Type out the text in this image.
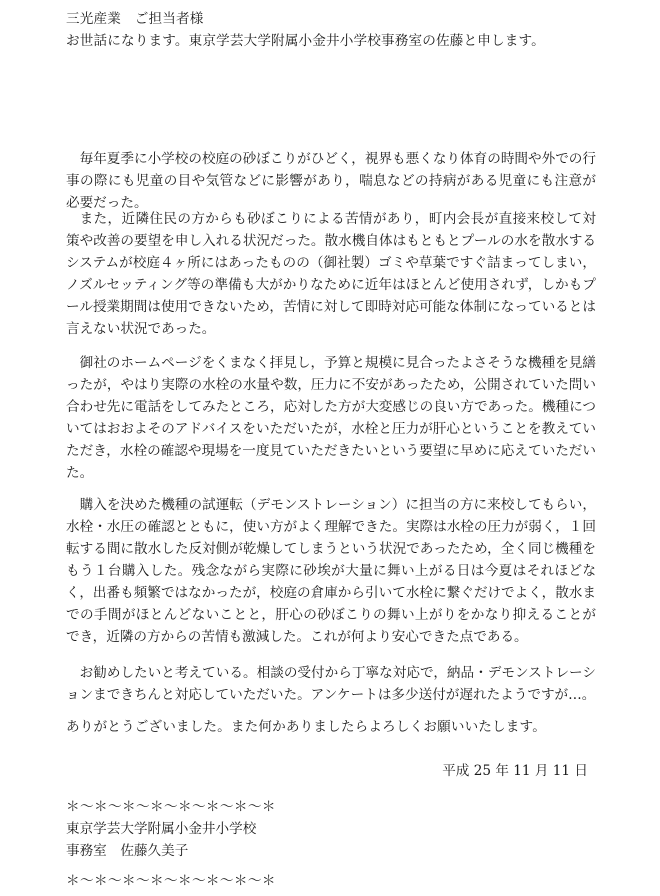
三光産業　ご担当者様
お世話になります。東京学芸大学附属小金井小学校事務室の佐藤と申します。
毎年夏季に小学校の校庭の砂ぼこりがひどく，視界も悪くなり体育の時間や外での行事の際にも児童の目や気管などに影響があり，喘息などの持病がある児童にも注意が必要だった。
また，近隣住民の方からも砂ぼこりによる苦情があり，町内会長が直接来校して対策や改善の要望を申し入れる状況だった。散水機自体はもともとプールの水を散水するシステムが校庭４ヶ所にはあったものの（御社製）ゴミや草葉ですぐ詰まってしまい，ノズルセッティング等の準備も大がかりなために近年はほとんど使用されず，しかもプール授業期間は使用できないため，苦情に対して即時対応可能な体制になっているとは言えない状況であった。
御社のホームページをくまなく拝見し，予算と規模に見合ったよさそうな機種を見繕ったが，やはり実際の水栓の水量や数，圧力に不安があったため，公開されていた問い合わせ先に電話をしてみたところ，応対した方が大変感じの良い方であった。機種についてはおおよそのアドバイスをいただいたが，水栓と圧力が肝心ということを教えていただき，水栓の確認や現場を一度見ていただきたいという要望に早めに応えていただいた。
購入を決めた機種の試運転（デモンストレーション）に担当の方に来校してもらい，水栓・水圧の確認とともに，使い方がよく理解できた。実際は水栓の圧力が弱く，１回転する間に散水した反対側が乾燥してしまうという状況であったため，全く同じ機種をもう１台購入した。残念ながら実際に砂埃が大量に舞い上がる日は今夏はそれほどなく，出番も頻繁ではなかったが，校庭の倉庫から引いて水栓に繋ぐだけでよく，散水までの手間がほとんどないことと，肝心の砂ぼこりの舞い上がりをかなり抑えることができ，近隣の方からの苦情も激減した。これが何より安心できた点である。
お勧めしたいと考えている。相談の受付から丁寧な対応で，納品・デモンストレーションまできちんと対応していただいた。アンケートは多少送付が遅れたようですが…。
ありがとうございました。また何かありましたらよろしくお願いいたします。
平成 25 年 11 月 11 日
＊～＊～＊～＊～＊～＊～＊～＊
東京学芸大学附属小金井小学校
事務室　佐藤久美子
＊～＊～＊～＊～＊～＊～＊～＊
